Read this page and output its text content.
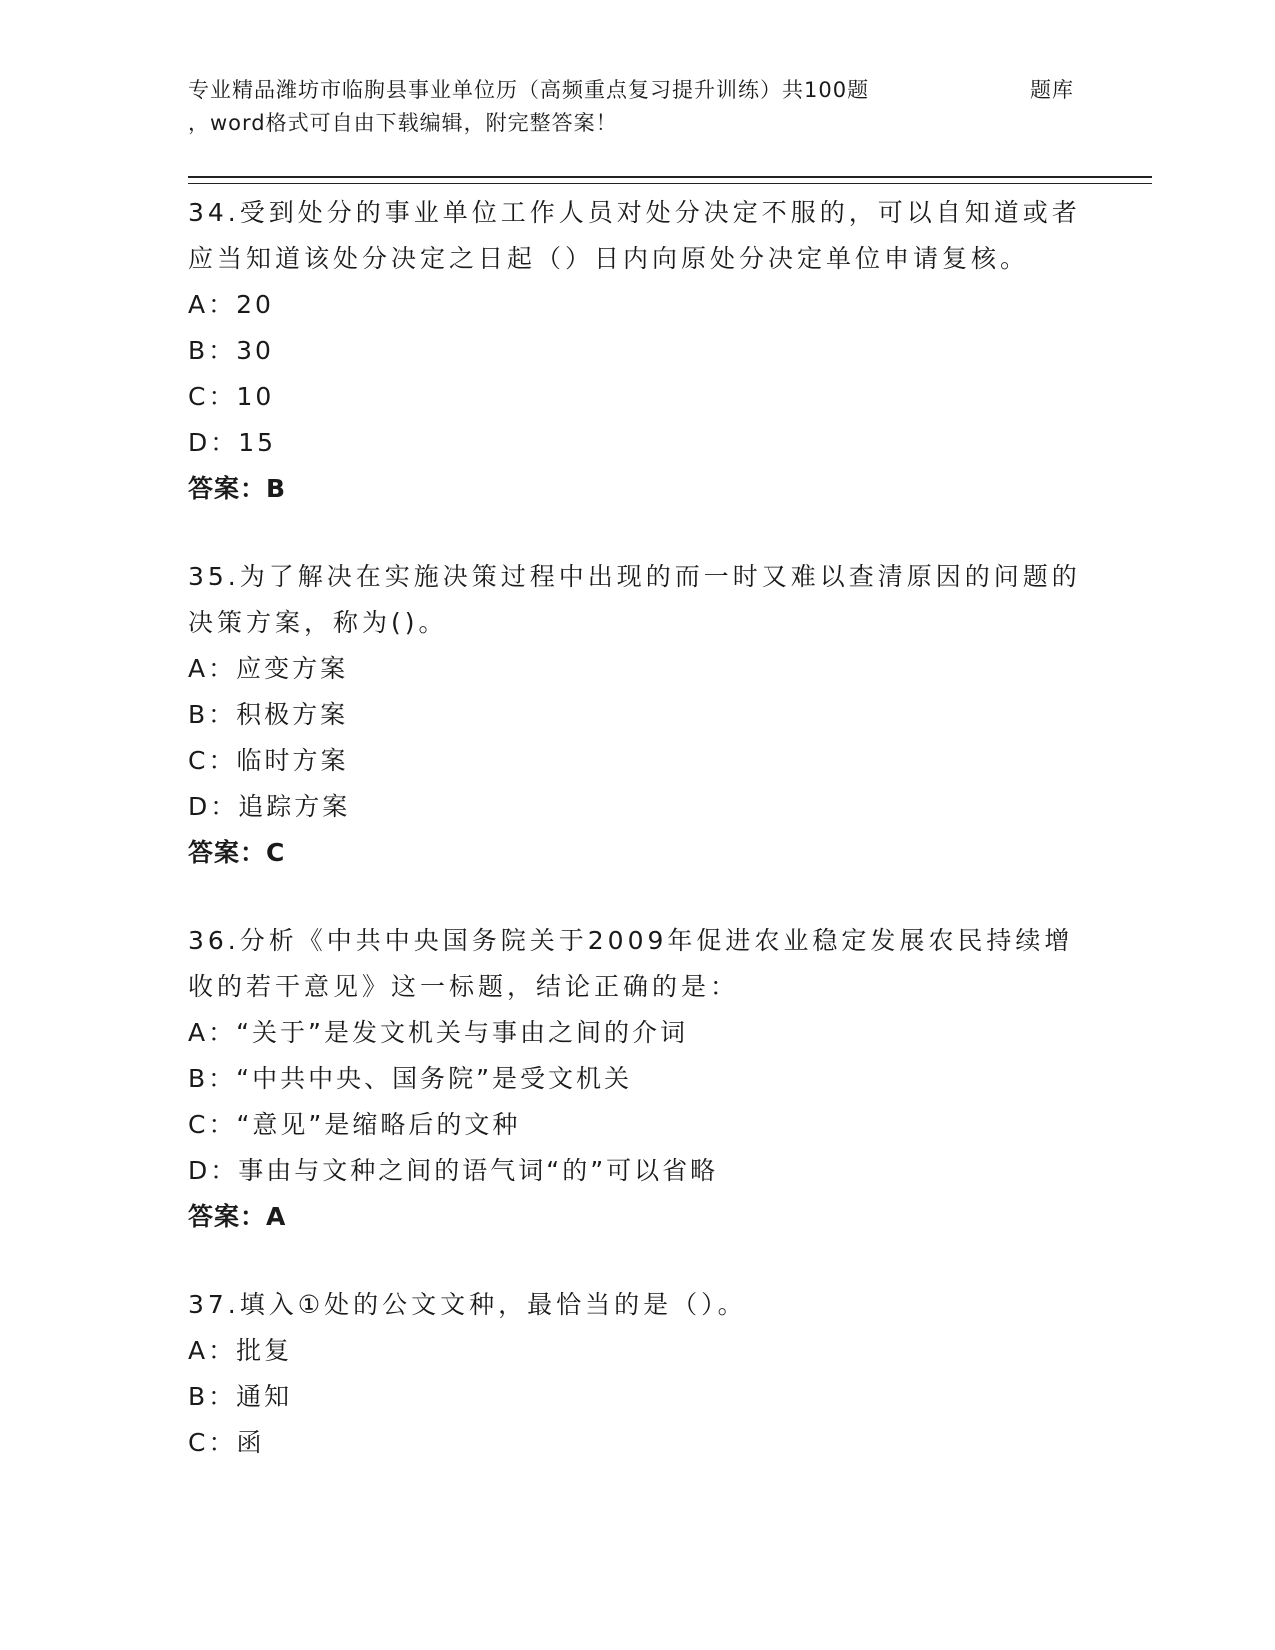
专业精品潍坊市临朐县事业单位历（高频重点复习提升训练）共100题	题库
，word格式可自由下载编辑，附完整答案！

34.受到处分的事业单位工作人员对处分决定不服的，可以自知道或者应当知道该处分决定之日起（）日内向原处分决定单位申请复核。

A：20

B：30

C：10

D：15

答案：B

35.为了解决在实施决策过程中出现的而一时又难以查清原因的问题的决策方案，称为()。

A：应变方案

B：积极方案

C：临时方案

D：追踪方案

答案：C

36.分析《中共中央国务院关于2009年促进农业稳定发展农民持续增收的若干意见》这一标题，结论正确的是：

A：“关于”是发文机关与事由之间的介词

B：“中共中央、国务院”是受文机关

C：“意见”是缩略后的文种

D：事由与文种之间的语气词“的”可以省略

答案：A

37.填入①处的公文文种，最恰当的是（）。

A：批复

B：通知

C：函
